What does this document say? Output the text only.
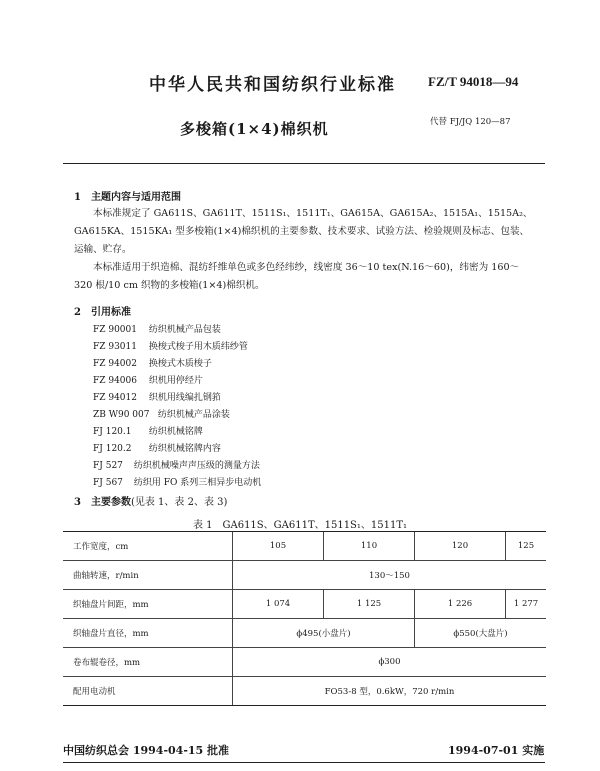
中华人民共和国纺织行业标准 FZ/T 94018—94
多梭箱(1×4)棉织机	代替 FJ/JQ 120—87
1　主题内容与适用范围
本标准规定了 GA611S、GA611T、1511S₁、1511T₁、GA615A、GA615A₂、1515A₁、1515A₂、
GA615KA、1515KA₁ 型多梭箱(1×4)棉织机的主要参数、技术要求、试验方法、检验规则及标志、包装、
运输、贮存。
本标准适用于织造棉、混纺纤维单色或多色经纬纱，线密度 36～10 tex(N.16～60)，纬密为 160～
320 根/10 cm 织物的多梭箱(1×4)棉织机。
2　引用标准
FZ 90001 纺织机械产品包装
FZ 93011 换梭式梭子用木质纬纱管
FZ 94002 换梭式木质梭子
FZ 94006 织机用停经片
FZ 94012 织机用线编扎钢筘
ZB W90 007 纺织机械产品涂装
FJ 120.1 纺织机械铭牌
FJ 120.2 纺织机械铭牌内容
FJ 527 纺织机械噪声声压级的测量方法
FJ 567 纺织用 FO 系列三相异步电动机
3　主要参数(见表 1、表 2、表 3)
表 1　GA611S、GA611T、1511S₁、1511T₁
工作宽度，cm	105	110	120	125
曲轴转速，r/min	130～150			
织轴盘片间距，mm	1 074	1 125	1 226	1 277
织轴盘片直径，mm	ϕ495(小盘片)		ϕ550(大盘片)	
卷布辊卷径，mm	ϕ300			
配用电动机	FO53-8 型，0.6kW，720 r/min			
中国纺织总会 1994-04-15 批准	1994-07-01 实施
